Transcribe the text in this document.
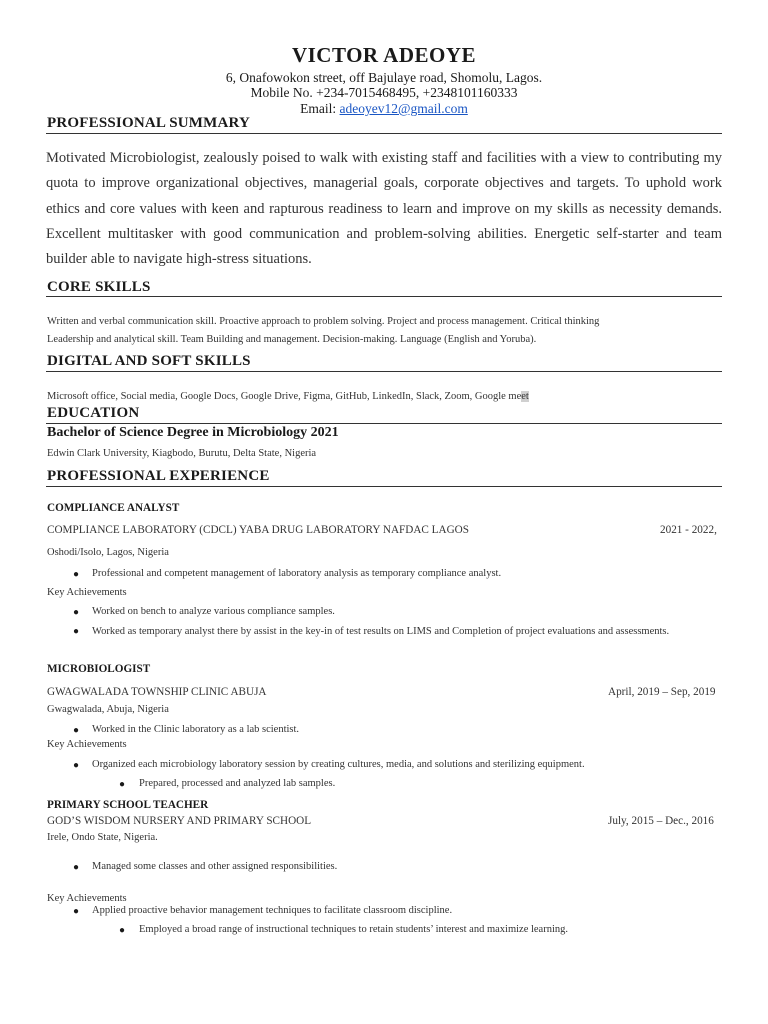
VICTOR ADEOYE
6, Onafowokon street, off Bajulaye road, Shomolu, Lagos.
Mobile No. +234-7015468495, +2348101160333
Email: adeoyev12@gmail.com
PROFESSIONAL SUMMARY
Motivated Microbiologist, zealously poised to walk with existing staff and facilities with a view to contributing my quota to improve organizational objectives, managerial goals, corporate objectives and targets. To uphold work ethics and core values with keen and rapturous readiness to learn and improve on my skills as necessity demands. Excellent multitasker with good communication and problem-solving abilities. Energetic self-starter and team builder able to navigate high-stress situations.
CORE SKILLS
Written and verbal communication skill. Proactive approach to problem solving. Project and process management. Critical thinking
Leadership and analytical skill. Team Building and management. Decision-making. Language (English and Yoruba).
DIGITAL AND SOFT SKILLS
Microsoft office, Social media, Google Docs, Google Drive, Figma, GitHub, LinkedIn, Slack, Zoom, Google meet
EDUCATION
Bachelor of Science Degree in Microbiology 2021
Edwin Clark University, Kiagbodo, Burutu, Delta State, Nigeria
PROFESSIONAL EXPERIENCE
COMPLIANCE ANALYST
COMPLIANCE LABORATORY (CDCL) YABA DRUG LABORATORY NAFDAC LAGOS	2021 - 2022,
Oshodi/Isolo, Lagos, Nigeria
● Professional and competent management of laboratory analysis as temporary compliance analyst.
Key Achievements
● Worked on bench to analyze various compliance samples.
● Worked as temporary analyst there by assist in the key-in of test results on LIMS and Completion of project evaluations and assessments.
MICROBIOLOGIST
GWAGWALADA TOWNSHIP CLINIC ABUJA	April, 2019 – Sep, 2019
Gwagwalada, Abuja, Nigeria
● Worked in the Clinic laboratory as a lab scientist.
Key Achievements
● Organized each microbiology laboratory session by creating cultures, media, and solutions and sterilizing equipment.
● Prepared, processed and analyzed lab samples.
PRIMARY SCHOOL TEACHER
GOD’S WISDOM NURSERY AND PRIMARY SCHOOL	July, 2015 – Dec., 2016
Irele, Ondo State, Nigeria.
● Managed some classes and other assigned responsibilities.
Key Achievements
● Applied proactive behavior management techniques to facilitate classroom discipline.
● Employed a broad range of instructional techniques to retain students’ interest and maximize learning.
